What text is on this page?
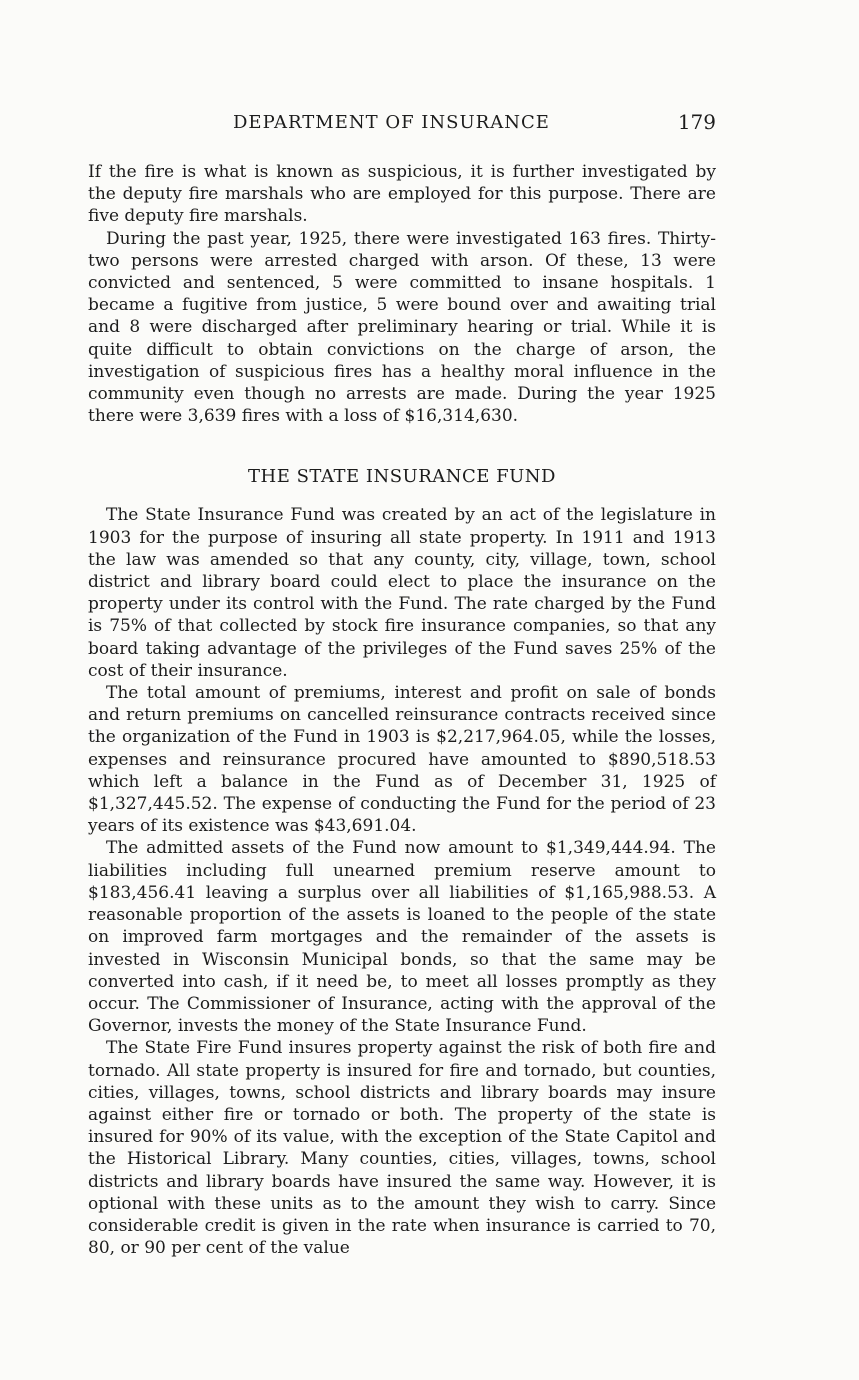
DEPARTMENT OF INSURANCE	179

If the fire is what is known as suspicious, it is further investigated by the deputy fire marshals who are employed for this purpose. There are five deputy fire marshals.

During the past year, 1925, there were investigated 163 fires. Thirty-two persons were arrested charged with arson. Of these, 13 were convicted and sentenced, 5 were committed to insane hospitals. 1 became a fugitive from justice, 5 were bound over and awaiting trial and 8 were discharged after preliminary hearing or trial. While it is quite difficult to obtain convictions on the charge of arson, the investigation of suspicious fires has a healthy moral influence in the community even though no arrests are made. During the year 1925 there were 3,639 fires with a loss of $16,314,630.

THE STATE INSURANCE FUND

The State Insurance Fund was created by an act of the legislature in 1903 for the purpose of insuring all state property. In 1911 and 1913 the law was amended so that any county, city, village, town, school district and library board could elect to place the insurance on the property under its control with the Fund. The rate charged by the Fund is 75% of that collected by stock fire insurance companies, so that any board taking advantage of the privileges of the Fund saves 25% of the cost of their insurance.

The total amount of premiums, interest and profit on sale of bonds and return premiums on cancelled reinsurance contracts received since the organization of the Fund in 1903 is $2,217,964.05, while the losses, expenses and reinsurance procured have amounted to $890,518.53 which left a balance in the Fund as of December 31, 1925 of $1,327,445.52. The expense of conducting the Fund for the period of 23 years of its existence was $43,691.04.

The admitted assets of the Fund now amount to $1,349,444.94. The liabilities including full unearned premium reserve amount to $183,456.41 leaving a surplus over all liabilities of $1,165,988.53. A reasonable proportion of the assets is loaned to the people of the state on improved farm mortgages and the remainder of the assets is invested in Wisconsin Municipal bonds, so that the same may be converted into cash, if it need be, to meet all losses promptly as they occur. The Commissioner of Insurance, acting with the approval of the Governor, invests the money of the State Insurance Fund.

The State Fire Fund insures property against the risk of both fire and tornado. All state property is insured for fire and tornado, but counties, cities, villages, towns, school districts and library boards may insure against either fire or tornado or both. The property of the state is insured for 90% of its value, with the exception of the State Capitol and the Historical Library. Many counties, cities, villages, towns, school districts and library boards have insured the same way. However, it is optional with these units as to the amount they wish to carry. Since considerable credit is given in the rate when insurance is carried to 70, 80, or 90 per cent of the value
